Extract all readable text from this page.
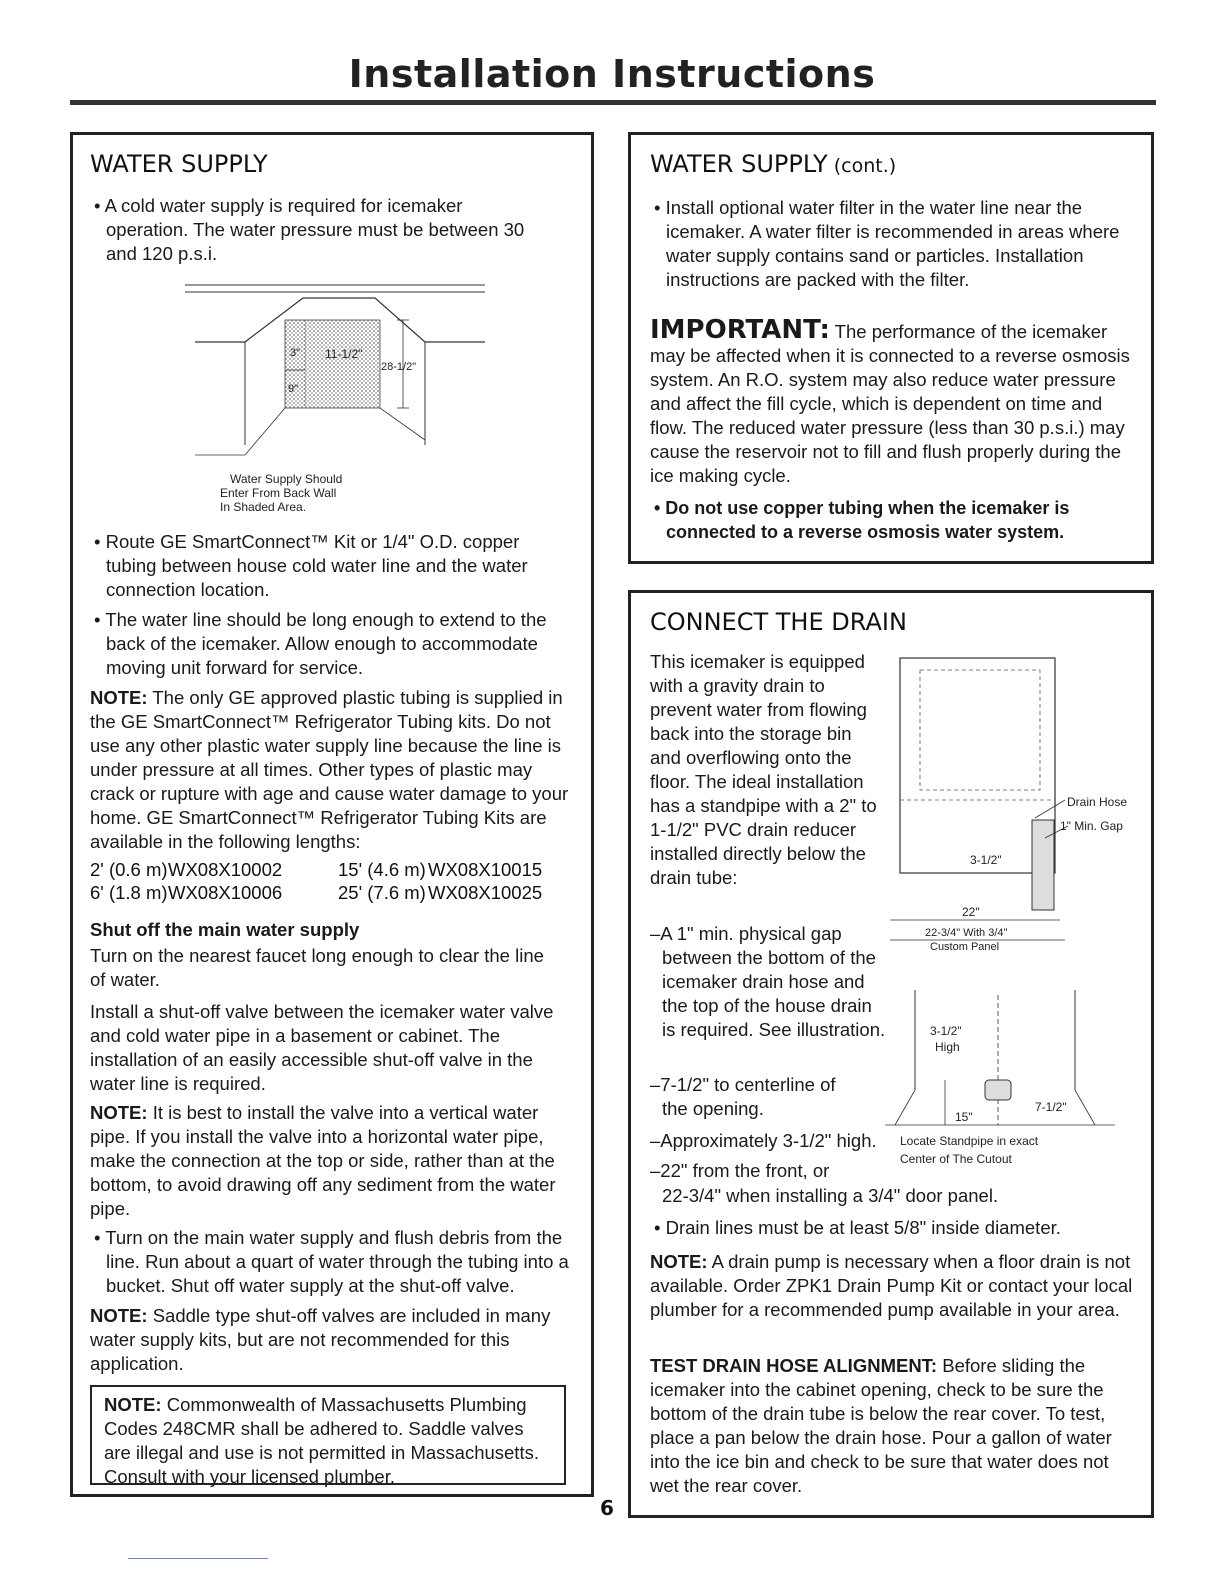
Installation Instructions
WATER SUPPLY
• A cold water supply is required for icemaker operation. The water pressure must be between 30 and 120 p.s.i.
3" 11-1/2"
28-1/2"
9"
Water Supply Should
Enter From Back Wall
In Shaded Area.
• Route GE SmartConnect™ Kit or 1/4" O.D. copper tubing between house cold water line and the water connection location.
• The water line should be long enough to extend to the back of the icemaker. Allow enough to accommodate moving unit forward for service.
NOTE: The only GE approved plastic tubing is supplied in the GE SmartConnect™ Refrigerator Tubing kits. Do not use any other plastic water supply line because the line is under pressure at all times. Other types of plastic may crack or rupture with age and cause water damage to your home. GE SmartConnect™ Refrigerator Tubing Kits are available in the following lengths:
2' (0.6 m)WX08X10002	15' (4.6 m) WX08X10015
6' (1.8 m)WX08X10006	25' (7.6 m) WX08X10025
Shut off the main water supply
Turn on the nearest faucet long enough to clear the line of water.
Install a shut-off valve between the icemaker water valve and cold water pipe in a basement or cabinet. The installation of an easily accessible shut-off valve in the water line is required.
NOTE: It is best to install the valve into a vertical water pipe. If you install the valve into a horizontal water pipe, make the connection at the top or side, rather than at the bottom, to avoid drawing off any sediment from the water pipe.
• Turn on the main water supply and flush debris from the line. Run about a quart of water through the tubing into a bucket. Shut off water supply at the shut-off valve.
NOTE: Saddle type shut-off valves are included in many water supply kits, but are not recommended for this application.
NOTE: Commonwealth of Massachusetts Plumbing Codes 248CMR shall be adhered to. Saddle valves are illegal and use is not permitted in Massachusetts. Consult with your licensed plumber.
6
WATER SUPPLY (cont.)
• Install optional water filter in the water line near the icemaker. A water filter is recommended in areas where water supply contains sand or particles. Installation instructions are packed with the filter.
IMPORTANT: The performance of the icemaker may be affected when it is connected to a reverse osmosis system. An R.O. system may also reduce water pressure and affect the fill cycle, which is dependent on time and flow. The reduced water pressure (less than 30 p.s.i.) may cause the reservoir not to fill and flush properly during the ice making cycle.
• Do not use copper tubing when the icemaker is connected to a reverse osmosis water system.
CONNECT THE DRAIN
This icemaker is equipped with a gravity drain to prevent water from flowing back into the storage bin and overflowing onto the floor. The ideal installation has a standpipe with a 2" to 1-1/2" PVC drain reducer installed directly below the drain tube:
–A 1" min. physical gap between the bottom of the icemaker drain hose and the top of the house drain is required. See illustration.
–7-1/2" to centerline of the opening.
–Approximately 3-1/2" high.
–22" from the front, or
22-3/4" when installing a 3/4" door panel.
Drain Hose
1" Min. Gap
3-1/2"
22"
22-3/4" With 3/4"
Custom Panel
3-1/2"
High
15"
7-1/2"
Locate Standpipe in exact
Center of The Cutout
• Drain lines must be at least 5/8" inside diameter.
NOTE: A drain pump is necessary when a floor drain is not available. Order ZPK1 Drain Pump Kit or contact your local plumber for a recommended pump available in your area.
TEST DRAIN HOSE ALIGNMENT: Before sliding the icemaker into the cabinet opening, check to be sure the bottom of the drain tube is below the rear cover. To test, place a pan below the drain hose. Pour a gallon of water into the ice bin and check to be sure that water does not wet the rear cover.
